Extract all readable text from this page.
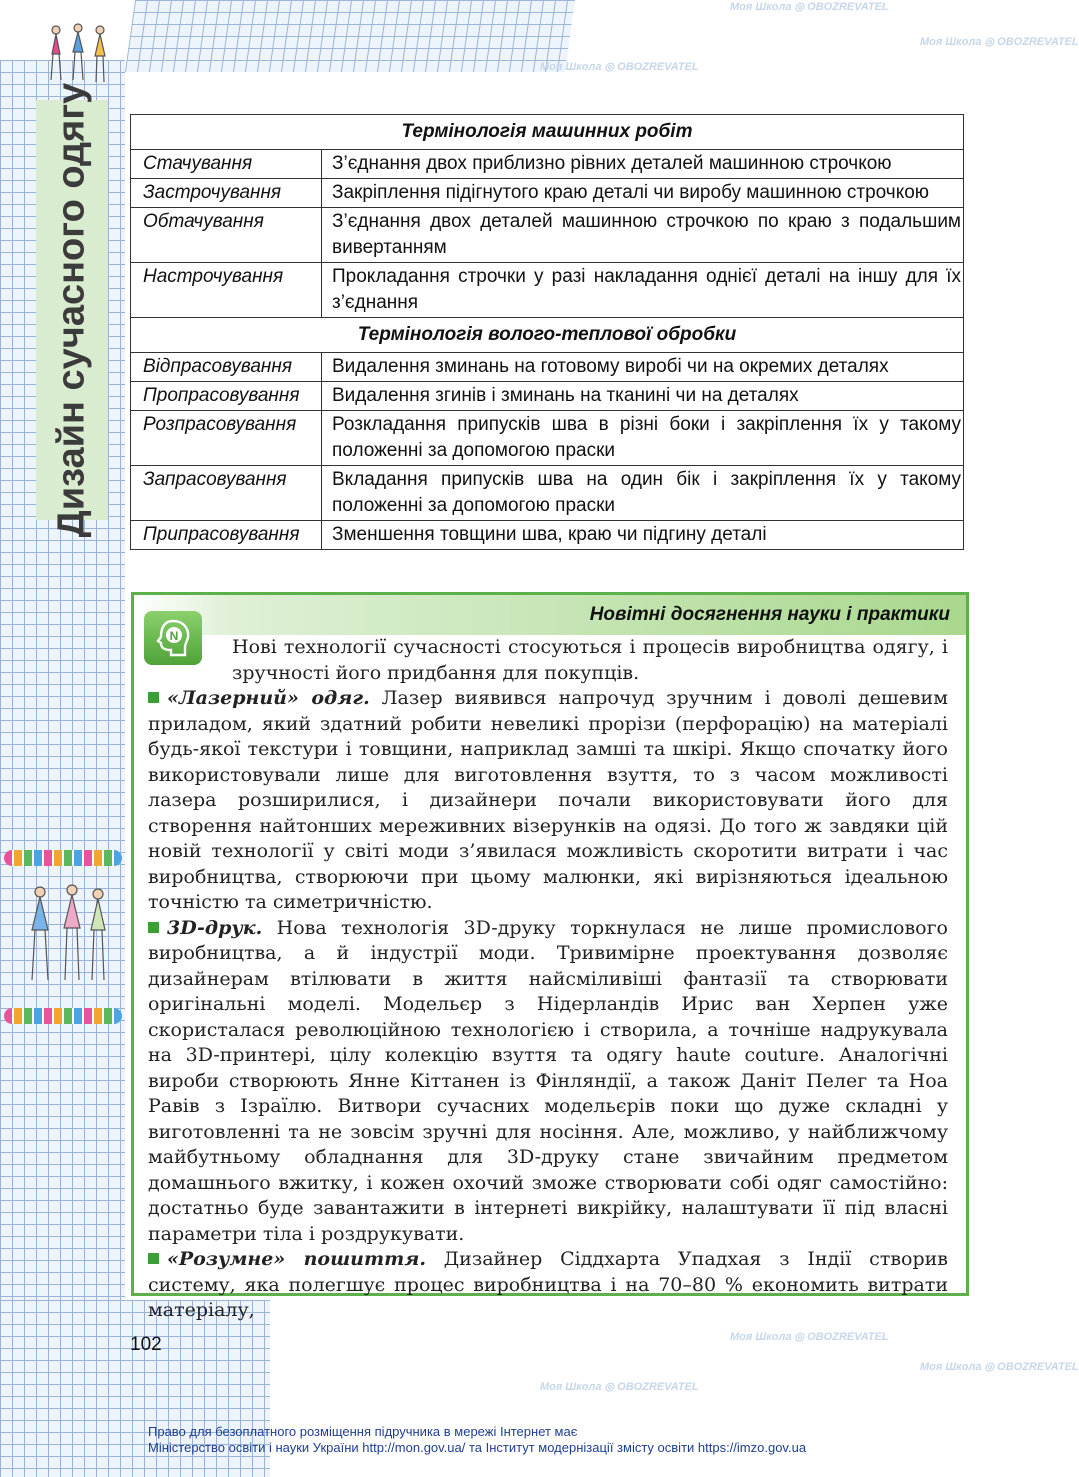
Дизайн сучасного одягу
Моя Школа ◎ OBOZREVATEL
Моя Школа ◎ OBOZREVATEL
Моя Школа ◎ OBOZREVATEL
Моя Школа ◎ OBOZREVATEL
Моя Школа ◎ OBOZREVATEL
Моя Школа ◎ OBOZREVATEL
Термінологія машинних робіт	
Стачування	З’єднання двох приблизно рівних деталей машинною строчкою
Застрочування	Закріплення підігнутого краю деталі чи виробу машинною строчкою
Обтачування	З’єднання двох деталей машинною строчкою по краю з подальшим вивертанням
Настрочування	Прокладання строчки у разі накладання однієї деталі на іншу для їх з’єднання
Термінологія волого-теплової обробки	
Відпрасовування	Видалення зминань на готовому виробі чи на окремих деталях
Пропрасовування	Видалення згинів і зминань на тканині чи на деталях
Розпрасовування	Розкладання припусків шва в різні боки і закріплення їх у такому положенні за допомогою праски
Запрасовування	Вкладання припусків шва на один бік і закріплення їх у такому положенні за допомогою праски
Припрасовування	Зменшення товщини шва, краю чи підгину деталі
Новітні досягнення науки і практики
N	Нові технології сучасності стосуються і процесів виробництва одягу, і зручності його придбання для покупців.

«Лазерний» одяг. Лазер виявився напрочуд зручним і доволі дешевим приладом, який здатний робити невеликі прорізи (перфорацію) на матеріалі будь-якої текстури і товщини, наприклад замші та шкірі. Якщо спочатку його використовували лише для виготовлення взуття, то з часом можливості лазера розширилися, і дизайнери почали використовувати його для створення найтонших мереживних візерунків на одязі. До того ж завдяки цій новій технології у світі моди з’явилася можливість скоротити витрати і час виробництва, створюючи при цьому малюнки, які вирізняються ідеальною точністю та симетричністю.

3D-друк. Нова технологія 3D-друку торкнулася не лише промислового виробництва, а й індустрії моди. Тривимірне проектування дозволяє дизайнерам втілювати в життя найсміливіші фантазії та створювати оригінальні моделі. Модельєр з Нідерландів Ирис ван Херпен уже скористалася революційною технологією і створила, а точніше надрукувала на 3D-принтері, цілу колекцію взуття та одягу haute couture. Аналогічні вироби створюють Янне Кіттанен із Фінляндії, а також Даніт Пелег та Ноа Равів з Ізраїлю. Витвори сучасних модельєрів поки що дуже складні у виготовленні та не зовсім зручні для носіння. Але, можливо, у найближчому майбутньому обладнання для 3D-друку стане звичайним предметом домашнього вжитку, і кожен охочий зможе створювати собі одяг самостійно: достатньо буде завантажити в інтернеті викрійку, налаштувати її під власні параметри тіла і роздрукувати.

«Розумне» пошиття. Дизайнер Сіддхарта Упадхая з Індії створив систему, яка полегшує процес виробництва і на 70–80 % економить витрати матеріалу,

102
Право для безоплатного розміщення підручника в мережі Інтернет має
Міністерство освіти і науки України http://mon.gov.ua/ та Інститут модернізації змісту освіти https://imzo.gov.ua
